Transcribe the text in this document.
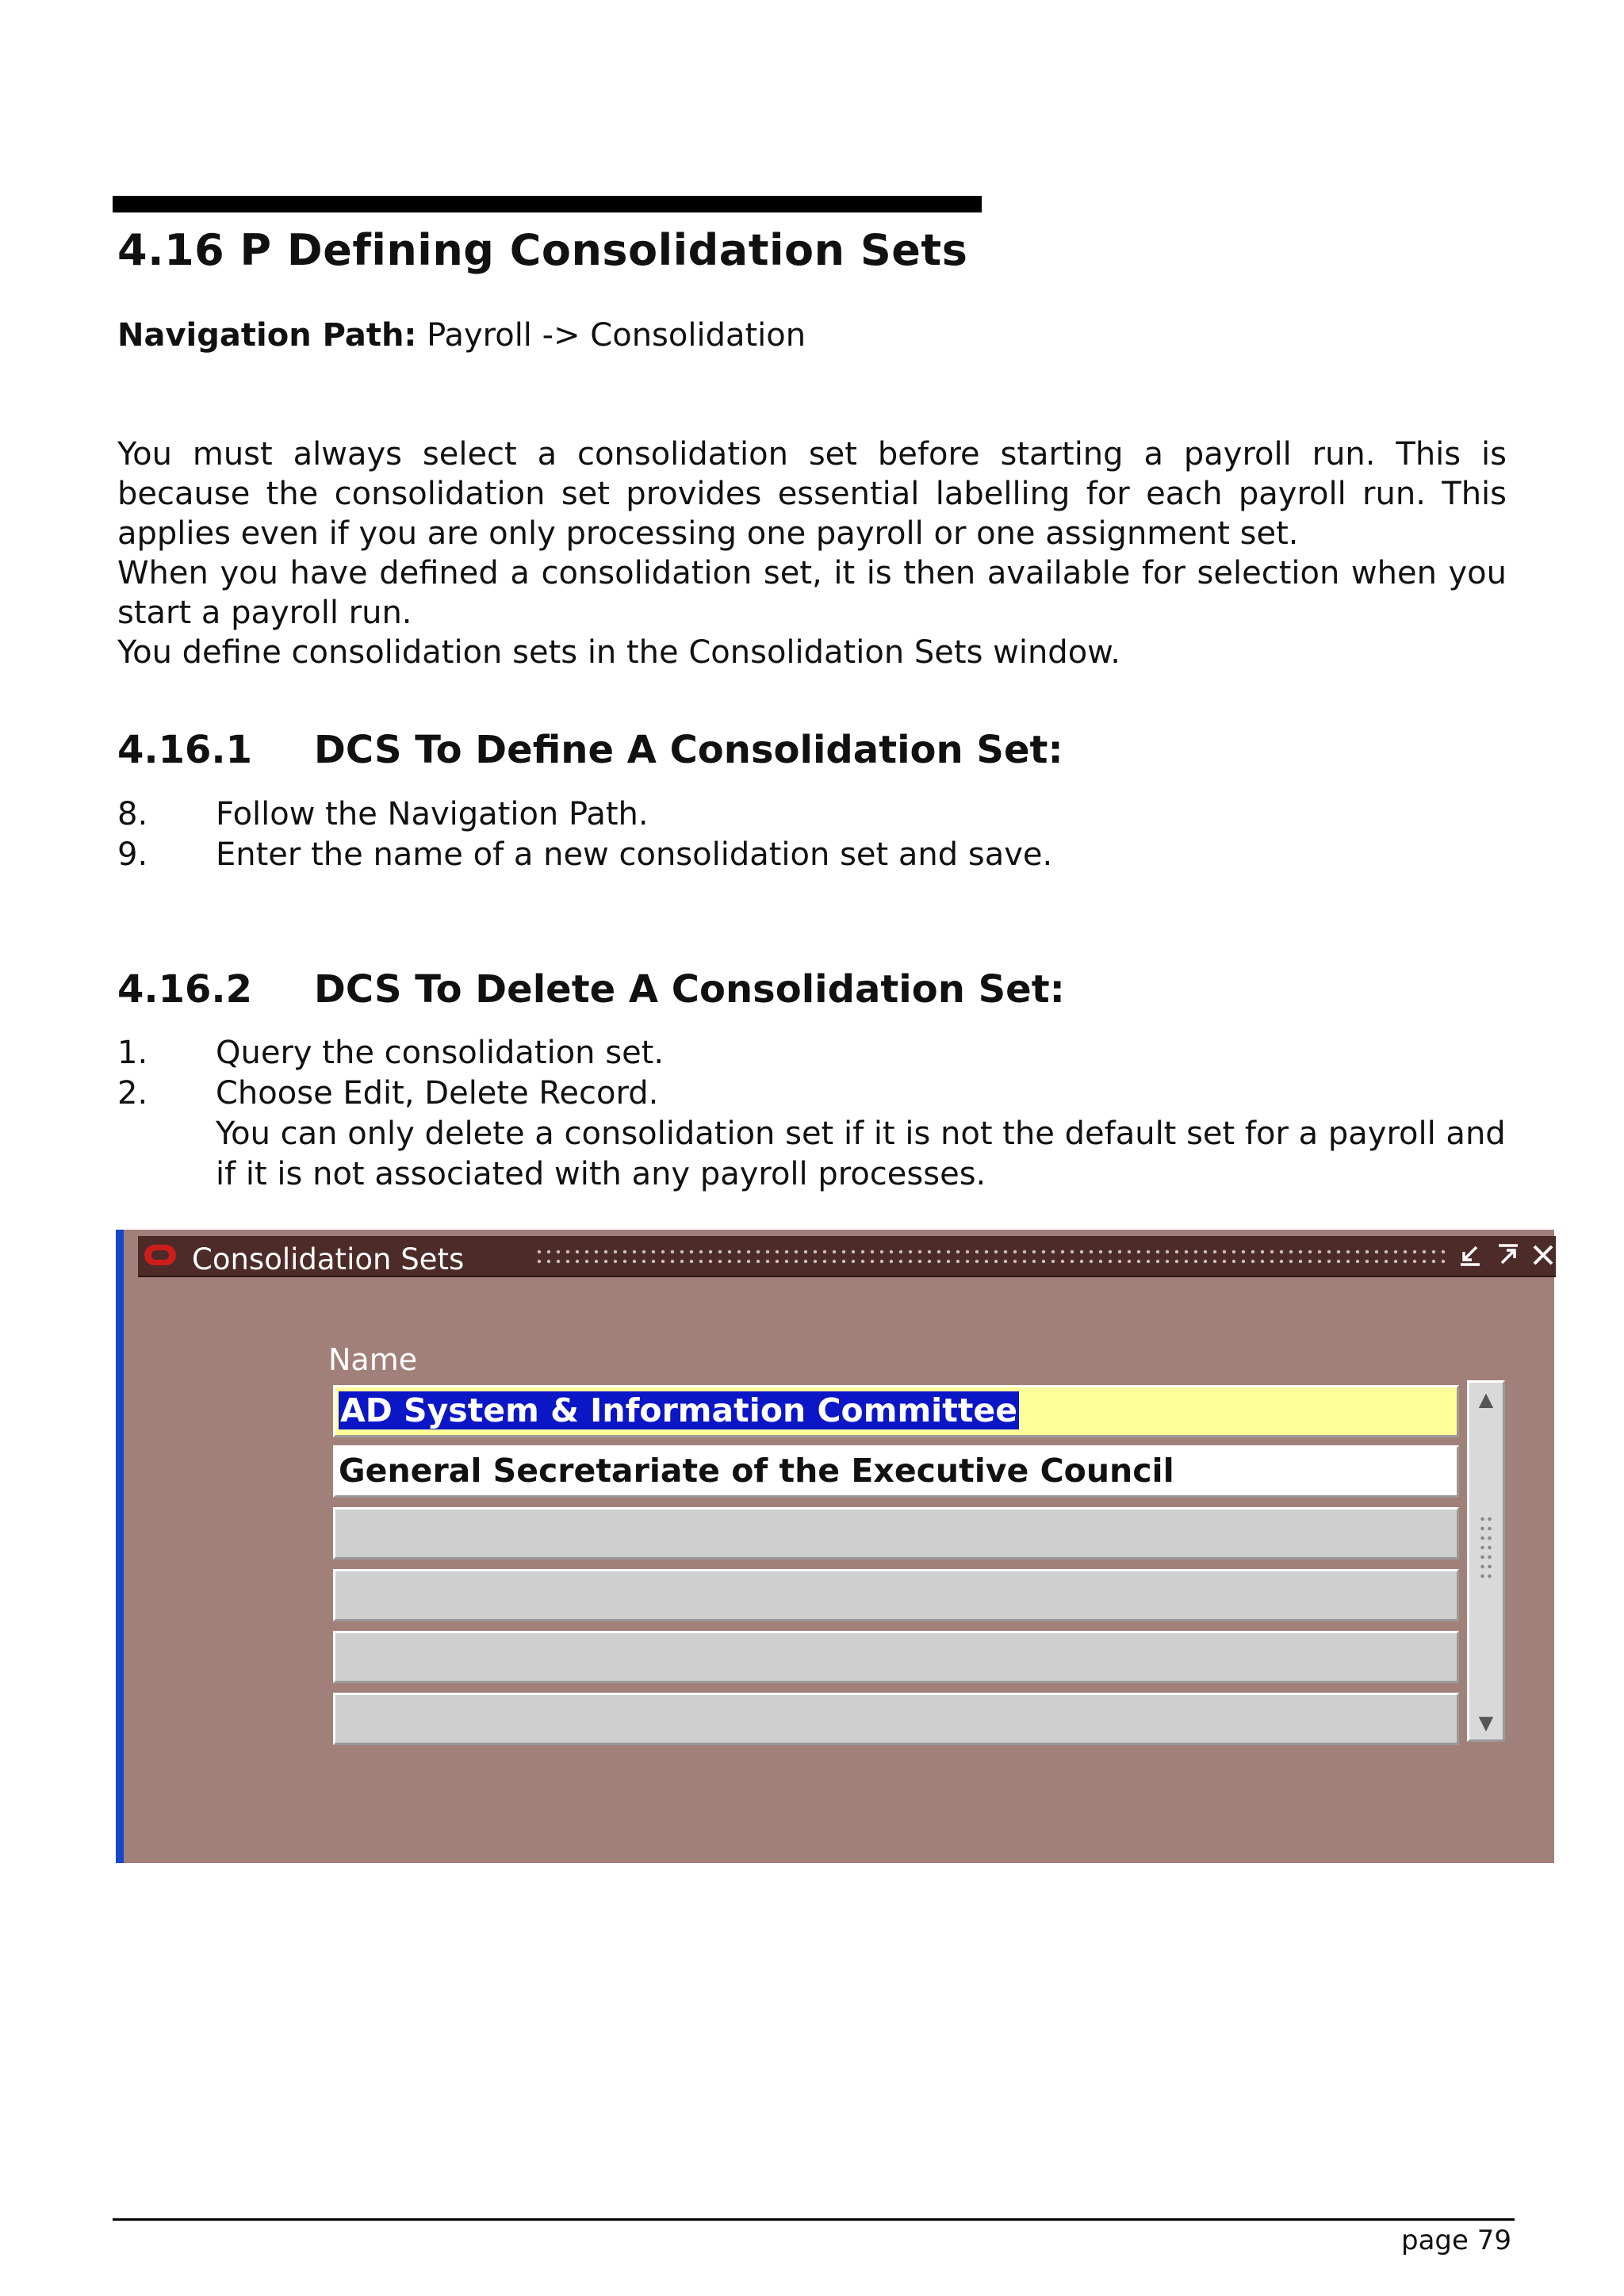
4.16 P Defining Consolidation Sets
Navigation Path: Payroll -> Consolidation

You must always select a consolidation set before starting a payroll run. This is because the consolidation set provides essential labelling for each payroll run. This applies even if you are only processing one payroll or one assignment set.

When you have defined a consolidation set, it is then available for selection when you start a payroll run.

You define consolidation sets in the Consolidation Sets window.

4.16.1 DCS To Define A Consolidation Set:
8. Follow the Navigation Path.
9. Enter the name of a new consolidation set and save.
4.16.2 DCS To Delete A Consolidation Set:
1. Query the consolidation set.
2. Choose Edit, Delete Record.
You can only delete a consolidation set if it is not the default set for a payroll and if it is not associated with any payroll processes.
Consolidation Sets
Name
AD System & Information Committee
General Secretariate of the Executive Council
▲
▼
page 79
